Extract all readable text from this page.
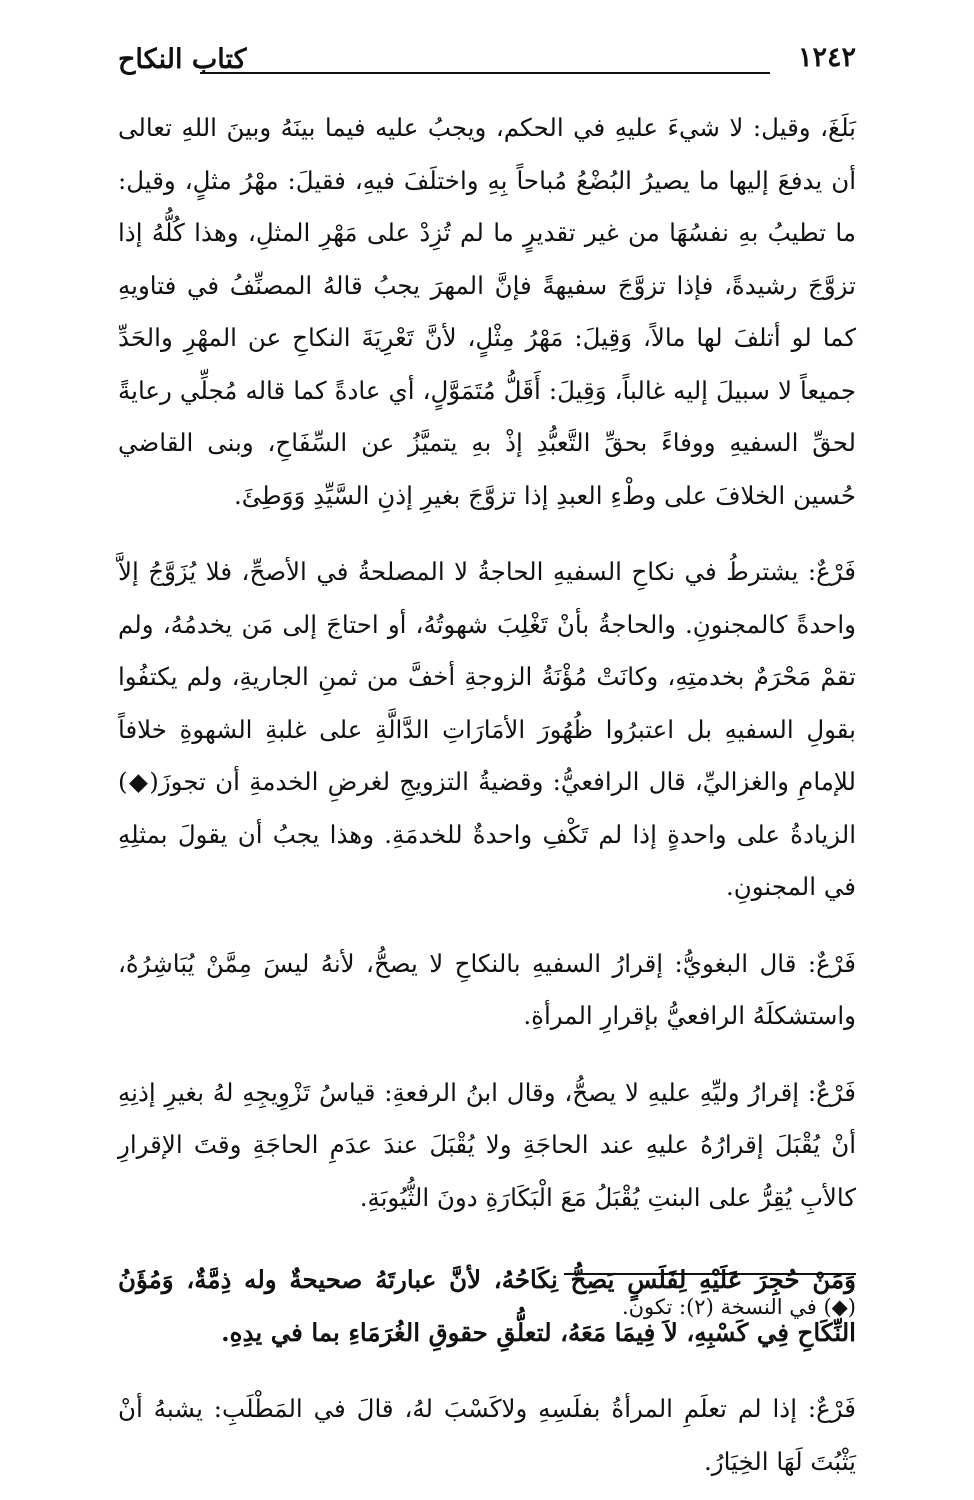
١٢٤٢
كتاب النكاح

بَلَغَ، وقيل: لا شيءَ عليهِ في الحكم، ويجبُ عليه فيما بينَهُ وبينَ اللهِ تعالى أن يدفعَ إليها ما يصيرُ البُضْعُ مُباحاً بِهِ واختلَفَ فيهِ، فقيلَ: مهْرُ مثلٍ، وقيل: ما تطيبُ بهِ نفسُهَا من غير تقديرٍ ما لم تُزِدْ على مَهْرِ المثلِ، وهذا كُلُّهُ إذا تزوَّجَ رشيدةً، فإذا تزوَّجَ سفيهةً فإنَّ المهرَ يجبُ قالهُ المصنِّفُ في فتاويهِ كما لو أتلفَ لها مالاً، وَقِيلَ: مَهْرُ مِثْلٍ، لأنَّ تَعْرِيَةَ النكاحِ عن المهْرِ والحَدِّ جميعاً لا سبيلَ إليه غالباً، وَقِيلَ: أَقَلُّ مُتَمَوَّلٍ، أي عادةً كما قاله مُجلِّي رعايةً لحقِّ السفيهِ ووفاءً بحقِّ التَّعبُّدِ إذْ بهِ يتميَّزُ عن السِّفَاحِ، وبنى القاضي حُسين الخلافَ على وطْءِ العبدِ إذا تزوَّجَ بغيرِ إذنِ السَّيِّدِ وَوَطِئَ.

فَرْعٌ: يشترطُ في نكاحِ السفيهِ الحاجةُ لا المصلحةُ في الأصحِّ، فلا يُزَوَّجُ إلاَّ واحدةً كالمجنونِ. والحاجةُ بأنْ تَغْلِبَ شهوتُهُ، أو احتاجَ إلى مَن يخدمُهُ، ولم تقمْ مَحْرَمٌ بخدمتِهِ، وكانَتْ مُؤْنَةُ الزوجةِ أخفَّ من ثمنِ الجاريةِ، ولم يكتفُوا بقولِ السفيهِ بل اعتبرُوا ظُهُورَ الأمَارَاتِ الدَّالَّةِ على غلبةِ الشهوةِ خلافاً للإمامِ والغزاليِّ، قال الرافعيُّ: وقضيةُ التزويجِ لغرضِ الخدمةِ أن تجوزَ(◆) الزيادةُ على واحدةٍ إذا لم تَكْفِ واحدةٌ للخدمَةِ. وهذا يجبُ أن يقولَ بمثلِهِ في المجنونِ.

فَرْعٌ: قال البغويُّ: إقرارُ السفيهِ بالنكاحِ لا يصحُّ، لأنهُ ليسَ مِمَّنْ يُبَاشِرُهُ، واستشكلَهُ الرافعيُّ بإقرارِ المرأةِ.

فَرْعٌ: إقرارُ وليِّهِ عليهِ لا يصحُّ، وقال ابنُ الرفعةِ: قياسُ تَزْوِيجِهِ لهُ بغيرِ إذنِهِ أنْ يُقْبَلَ إقرارُهُ عليهِ عند الحاجَةِ ولا يُقْبَلَ عندَ عدَمِ الحاجَةِ وقتَ الإقرارِ كالأبِ يُقِرُّ على البنتِ يُقْبَلُ مَعَ الْبَكَارَةِ دونَ الثُّيُوبَةِ.

وَمَنْ حُجِرَ عَلَيْهِ لِفَلَسٍ يَصِحُّ نِكَاحُهُ، لأنَّ عبارتَهُ صحيحةٌ وله ذِمَّةٌ، وَمُؤَنُ النِّكَاحِ فِي كَسْبِهِ، لاَ فِيمَا مَعَهُ، لتعلُّقِ حقوقِ الغُرَمَاءِ بما في يدِهِ.

فَرْعٌ: إذا لم تعلَمِ المرأةُ بفلَسِهِ ولاكَسْبَ لهُ، قالَ في المَطْلَبِ: يشبهُ أنْ يَثْبُتَ لَهَا الخِيَارُ.

(◆) في النسخة (٢): تكون.
